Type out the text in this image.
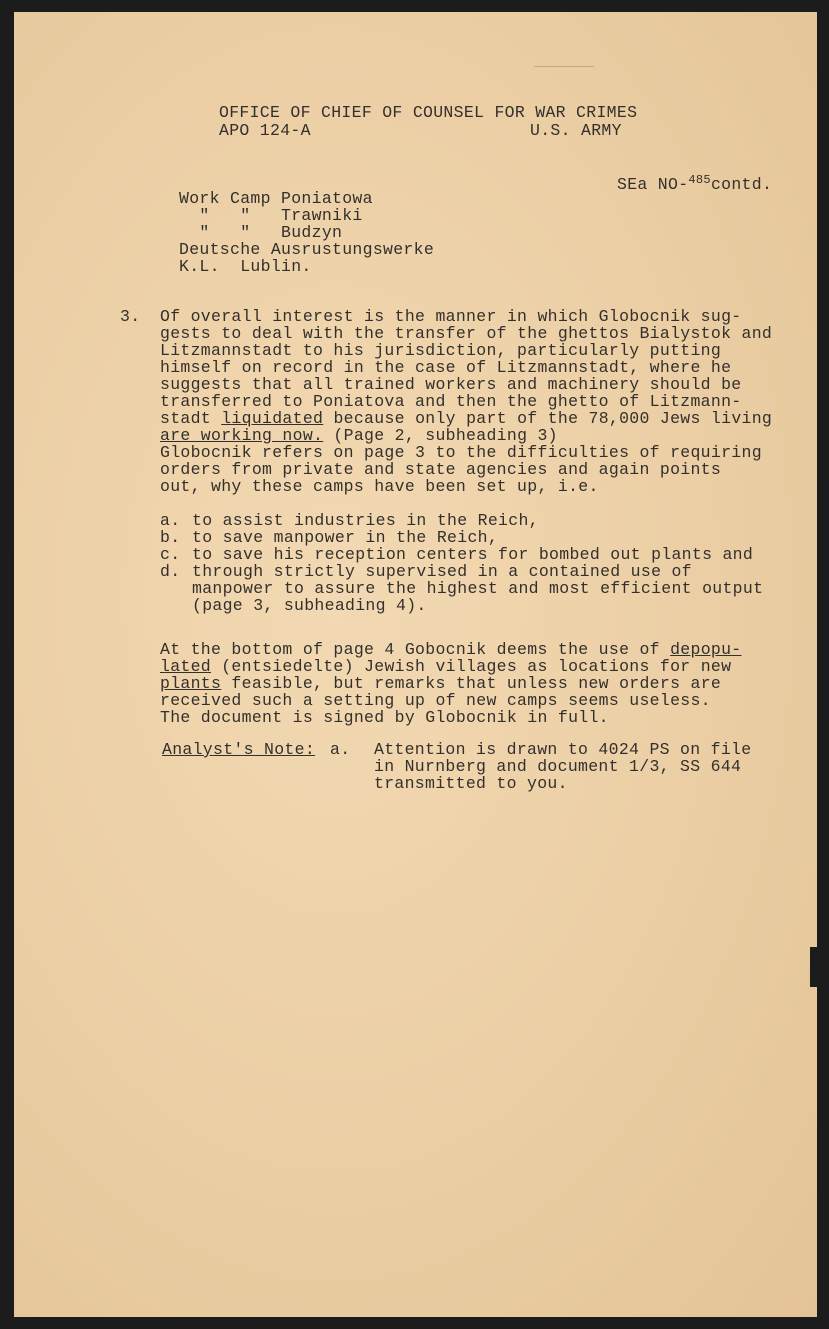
OFFICE OF CHIEF OF COUNSEL FOR WAR CRIMES
APO 124-A	U.S. ARMY
SEa NO-$^{485}$contd.
Work Camp Poniatowa
"   "   Trawniki
"   "   Budzyn
Deutsche Ausrustungswerke
K.L.  Lublin.
3. Of overall interest is the manner in which Globocnik sug-
gests to deal with the transfer of the ghettos Bialystok and
Litzmannstadt to his jurisdiction, particularly putting
himself on record in the case of Litzmannstadt, where he
suggests that all trained workers and machinery should be
transferred to Poniatova and then the ghetto of Litzmann-
stadt liquidated because only part of the 78,000 Jews living
are working now. (Page 2, subheading 3)
Globocnik refers on page 3 to the difficulties of requiring
orders from private and state agencies and again points
out, why these camps have been set up, i.e.
a. to assist industries in the Reich,
b. to save manpower in the Reich,
c. to save his reception centers for bombed out plants and
d. through strictly supervised in a contained use of
manpower to assure the highest and most efficient output
(page 3, subheading 4).
At the bottom of page 4 Gobocnik deems the use of depopu-
lated (entsiedelte) Jewish villages as locations for new
plants feasible, but remarks that unless new orders are
received such a setting up of new camps seems useless.
The document is signed by Globocnik in full.
Analyst's Note: a. Attention is drawn to 4024 PS on file
in Nurnberg and document 1/3, SS 644
transmitted to you.
